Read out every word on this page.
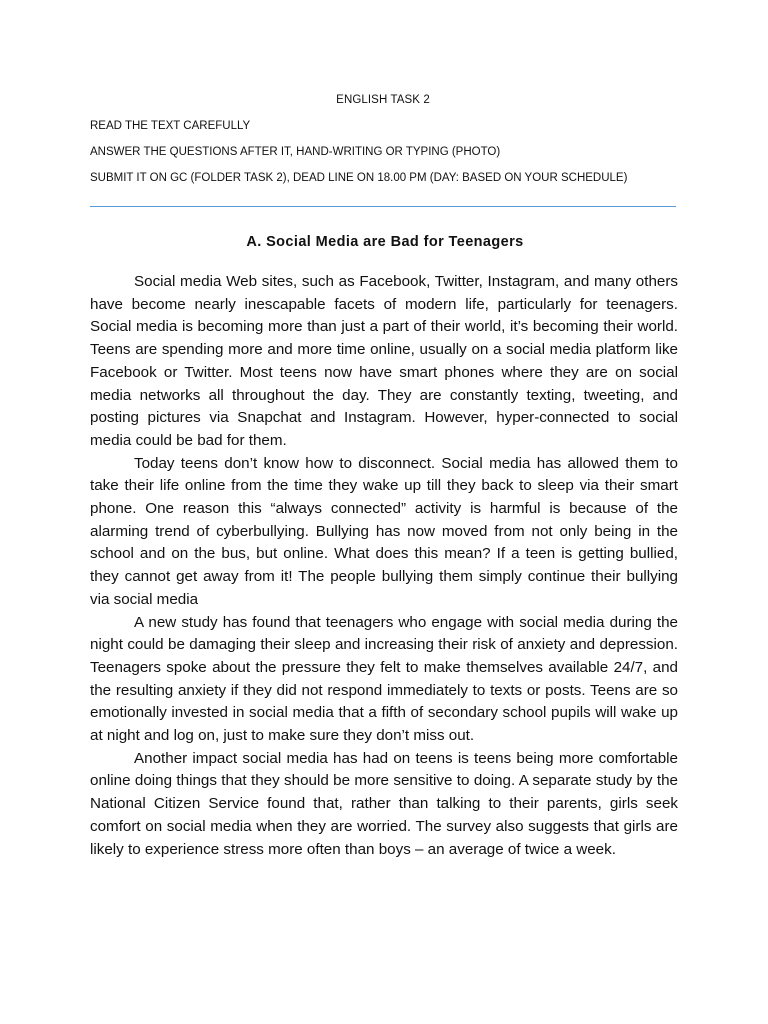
ENGLISH TASK 2
READ THE TEXT CAREFULLY
ANSWER THE QUESTIONS AFTER IT, HAND-WRITING OR TYPING (PHOTO)
SUBMIT IT ON GC (FOLDER TASK 2), DEAD LINE ON 18.00 PM (DAY: BASED ON YOUR SCHEDULE)
A. Social Media are Bad for Teenagers

Social media Web sites, such as Facebook, Twitter, Instagram, and many others have become nearly inescapable facets of modern life, particularly for teenagers. Social media is becoming more than just a part of their world, it’s becoming their world. Teens are spending more and more time online, usually on a social media platform like Facebook or Twitter. Most teens now have smart phones where they are on social media networks all throughout the day. They are constantly texting, tweeting, and posting pictures via Snapchat and Instagram. However, hyper-connected to social media could be bad for them.

Today teens don’t know how to disconnect. Social media has allowed them to take their life online from the time they wake up till they back to sleep via their smart phone. One reason this “always connected” activity is harmful is because of the alarming trend of cyberbullying. Bullying has now moved from not only being in the school and on the bus, but online. What does this mean? If a teen is getting bullied, they cannot get away from it! The people bullying them simply continue their bullying via social media

A new study has found that teenagers who engage with social media during the night could be damaging their sleep and increasing their risk of anxiety and depression. Teenagers spoke about the pressure they felt to make themselves available 24/7, and the resulting anxiety if they did not respond immediately to texts or posts. Teens are so emotionally invested in social media that a fifth of secondary school pupils will wake up at night and log on, just to make sure they don’t miss out.

Another impact social media has had on teens is teens being more comfortable online doing things that they should be more sensitive to doing. A separate study by the National Citizen Service found that, rather than talking to their parents, girls seek comfort on social media when they are worried. The survey also suggests that girls are likely to experience stress more often than boys – an average of twice a week.
